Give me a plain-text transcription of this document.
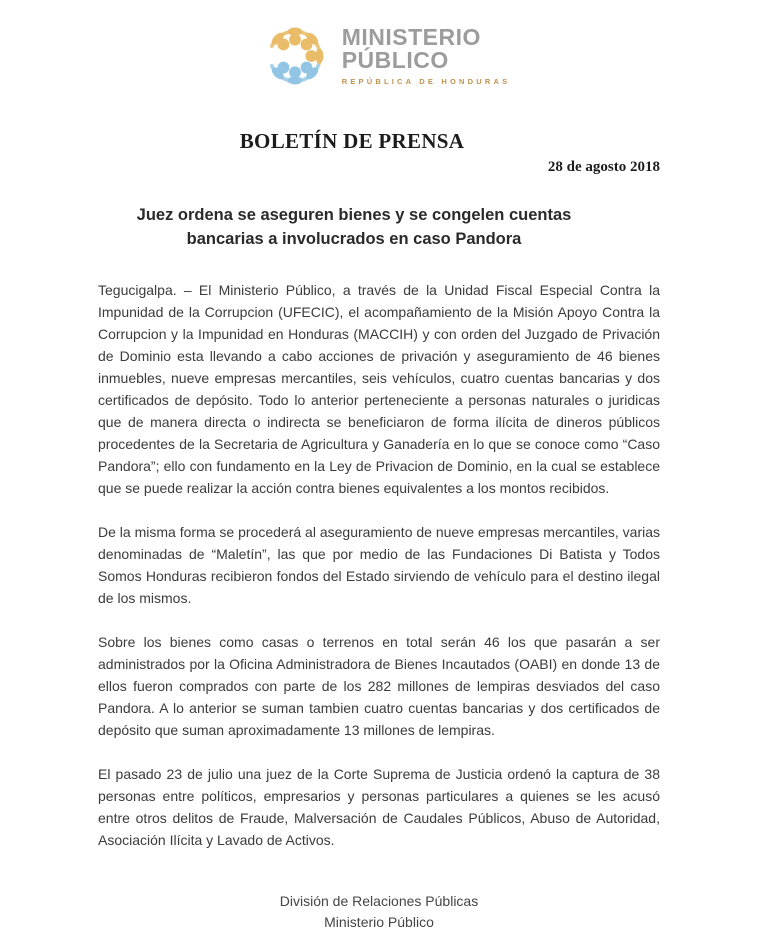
MINISTERIO
PÚBLICO
REPÚBLICA DE HONDURAS
BOLETÍN DE PRENSA
28 de agosto 2018
Juez ordena se aseguren bienes y se congelen cuentas bancarias a involucrados en caso Pandora

Tegucigalpa. – El Ministerio Público, a través de la Unidad Fiscal Especial Contra la Impunidad de la Corrupcion (UFECIC), el acompañamiento de la Misión Apoyo Contra la Corrupcion y la Impunidad en Honduras (MACCIH) y con orden del Juzgado de Privación de Dominio esta llevando a cabo acciones de privación y aseguramiento de 46 bienes inmuebles, nueve empresas mercantiles, seis vehículos, cuatro cuentas bancarias y dos certificados de depósito. Todo lo anterior perteneciente a personas naturales o juridicas que de manera directa o indirecta se beneficiaron de forma ilícita de dineros públicos procedentes de la Secretaria de Agricultura y Ganadería en lo que se conoce como “Caso Pandora”; ello con fundamento en la Ley de Privacion de Dominio, en la cual se establece que se puede realizar la acción contra bienes equivalentes a los montos recibidos.

De la misma forma se procederá al aseguramiento de nueve empresas mercantiles, varias denominadas de “Maletín”, las que por medio de las Fundaciones Di Batista y Todos Somos Honduras recibieron fondos del Estado sirviendo de vehículo para el destino ilegal de los mismos.

Sobre los bienes como casas o terrenos en total serán 46 los que pasarán a ser administrados por la Oficina Administradora de Bienes Incautados (OABI) en donde 13 de ellos fueron comprados con parte de los 282 millones de lempiras desviados del caso Pandora. A lo anterior se suman tambien cuatro cuentas bancarias y dos certificados de depósito que suman aproximadamente 13 millones de lempiras.

El pasado 23 de julio una juez de la Corte Suprema de Justicia ordenó la captura de 38 personas entre políticos, empresarios y personas particulares a quienes se les acusó entre otros delitos de Fraude, Malversación de Caudales Públicos, Abuso de Autoridad, Asociación Ilícita y Lavado de Activos.

División de Relaciones Públicas
Ministerio Público
